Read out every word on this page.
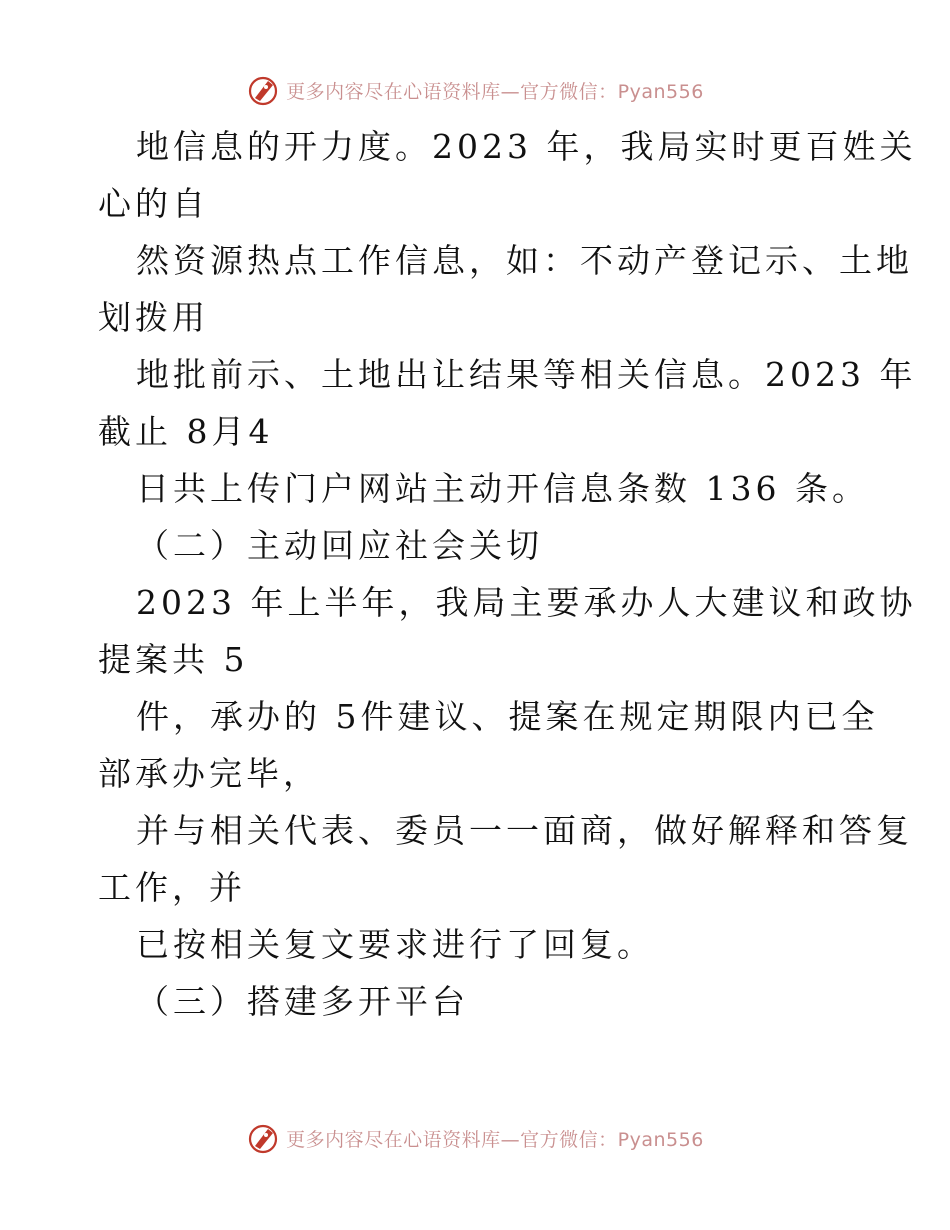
更多内容尽在心语资料库—官方微信：Pyan556
地信息的开力度。2023 年，我局实时更百姓关
心的自
然资源热点工作信息，如：不动产登记示、土地
划拨用
地批前示、土地出让结果等相关信息。2023 年
截止 8月4
日共上传门户网站主动开信息条数 136 条。
（二）主动回应社会关切
2023 年上半年，我局主要承办人大建议和政协
提案共 5
件，承办的 5件建议、提案在规定期限内已全
部承办完毕，
并与相关代表、委员一一面商，做好解释和答复
工作，并
已按相关复文要求进行了回复。
（三）搭建多开平台
更多内容尽在心语资料库—官方微信：Pyan556
